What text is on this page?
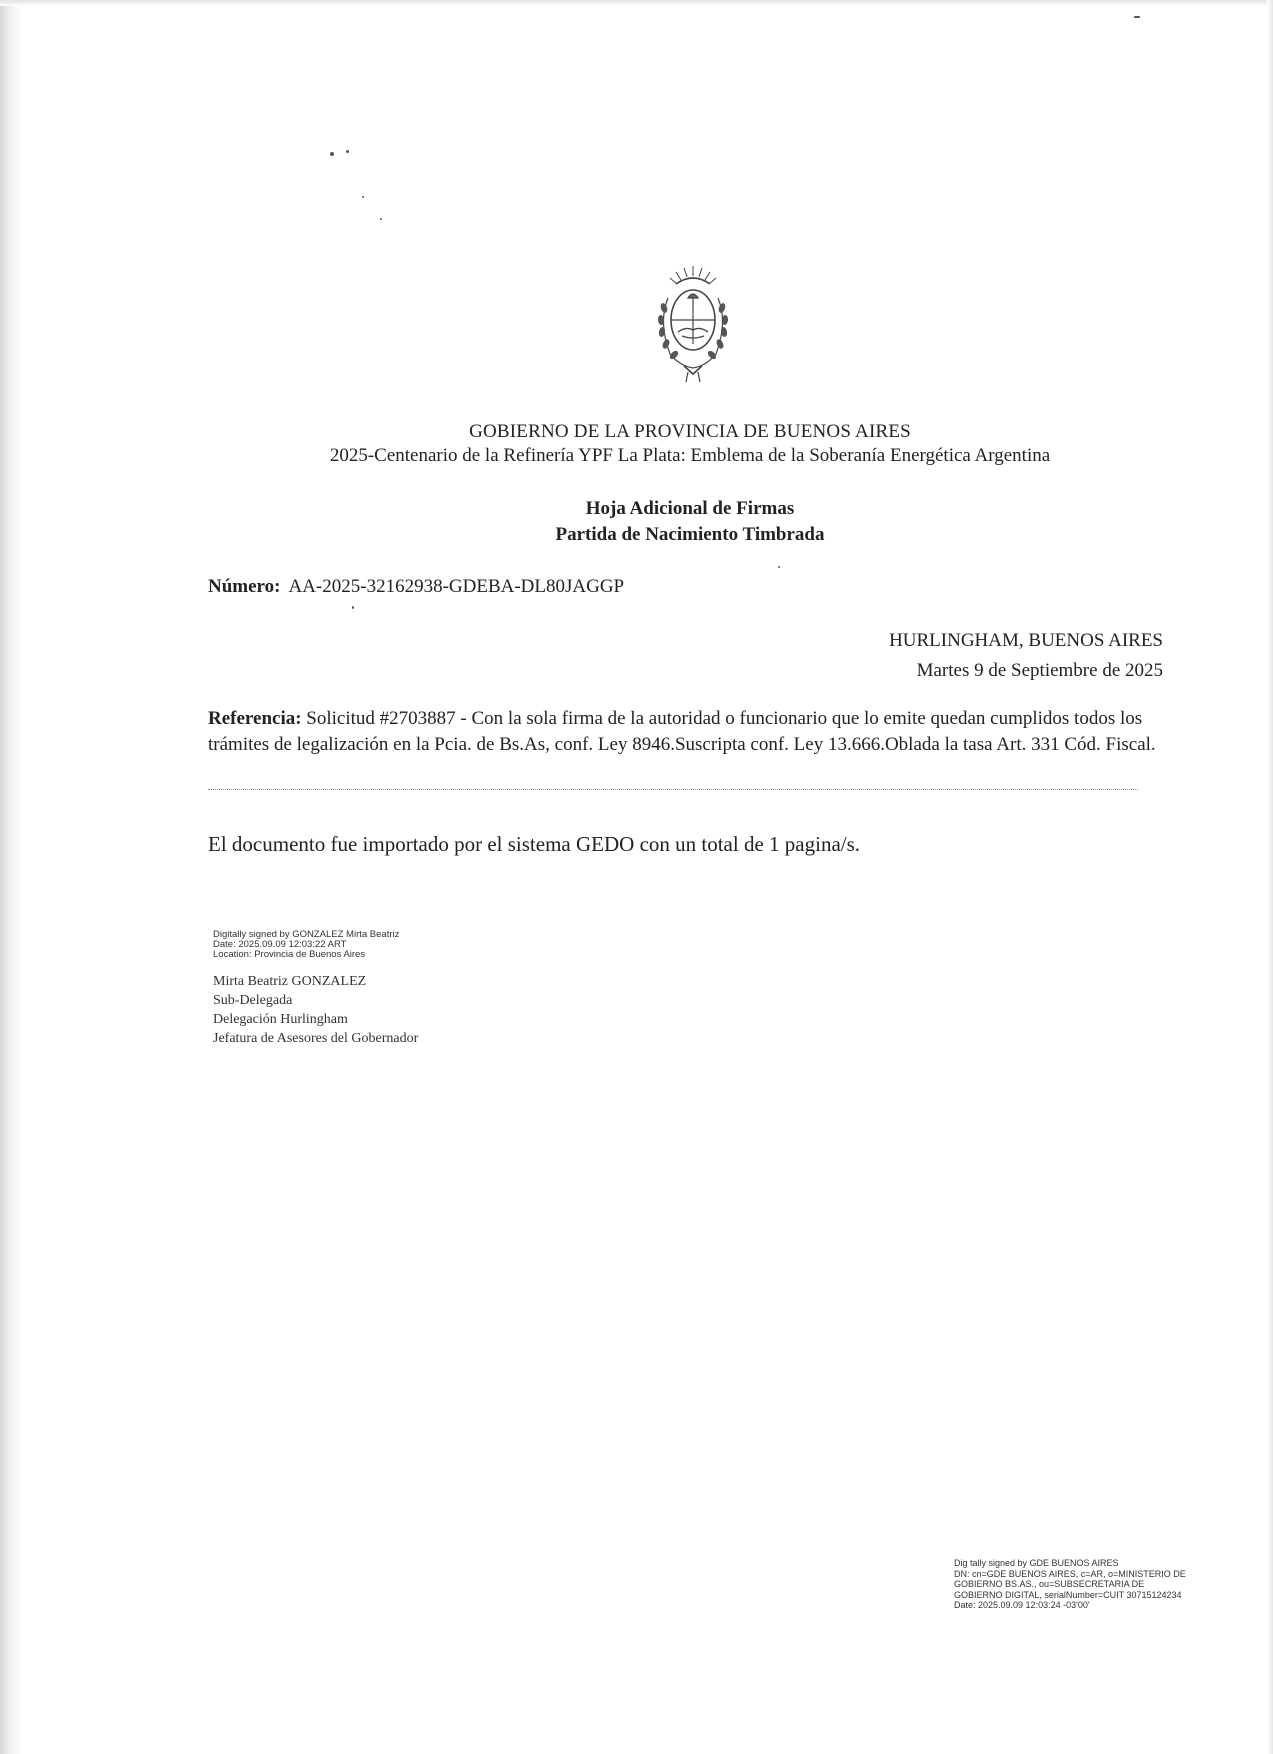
GOBIERNO DE LA PROVINCIA DE BUENOS AIRES
2025-Centenario de la Refinería YPF La Plata: Emblema de la Soberanía Energética Argentina
Hoja Adicional de Firmas
Partida de Nacimiento Timbrada
Número: AA-2025-32162938-GDEBA-DL80JAGGP
HURLINGHAM, BUENOS AIRES
Martes 9 de Septiembre de 2025
Referencia: Solicitud #2703887 - Con la sola firma de la autoridad o funcionario que lo emite quedan cumplidos todos los trámites de legalización en la Pcia. de Bs.As, conf. Ley 8946.Suscripta conf. Ley 13.666.Oblada la tasa Art. 331 Cód. Fiscal.
El documento fue importado por el sistema GEDO con un total de 1 pagina/s.
Digitally signed by GONZALEZ Mirta Beatriz
Date: 2025.09.09 12:03:22 ART
Location: Provincia de Buenos Aires
Mirta Beatriz GONZALEZ
Sub-Delegada
Delegación Hurlingham
Jefatura de Asesores del Gobernador
Dig tally signed by GDE BUENOS AIRES
DN: cn=GDE BUENOS AIRES, c=AR, o=MINISTERIO DE
GOBIERNO BS.AS., ou=SUBSECRETARIA DE
GOBIERNO DIGITAL, serialNumber=CUIT 30715124234
Date: 2025.09.09 12:03:24 -03'00'
